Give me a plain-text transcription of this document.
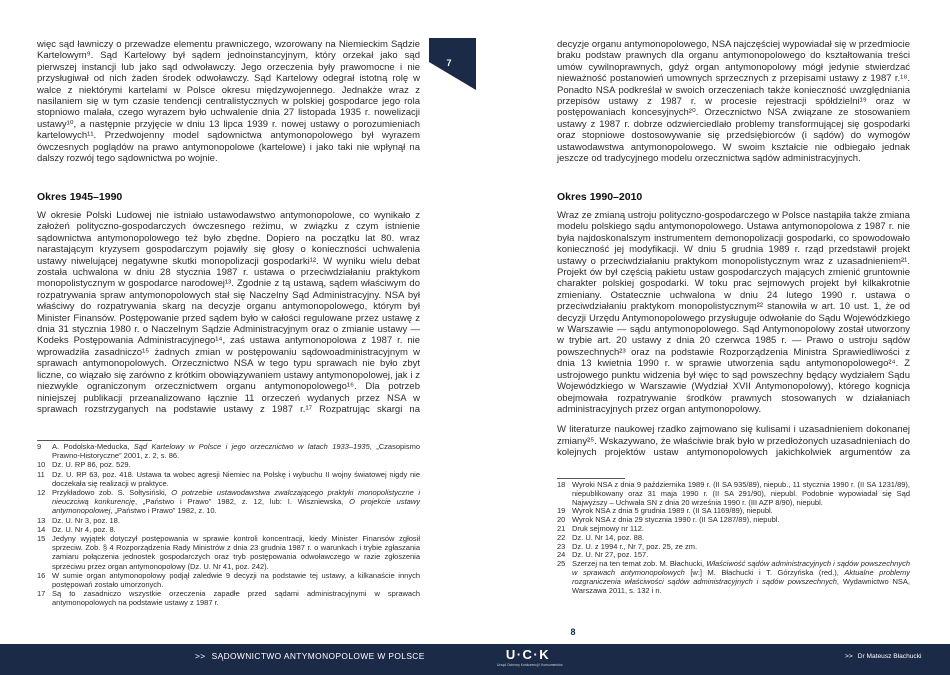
więc sąd ławniczy o przewadze elementu prawniczego, wzorowany na Niemieckim Sądzie Kartelowym⁹. Sąd Kartelowy był sądem jednoinstancyjnym, który orzekał jako sąd pierwszej instancji lub jako sąd odwoławczy. Jego orzeczenia były prawomocne i nie przysługiwał od nich żaden środek odwoławczy. Sąd Kartelowy odegrał istotną rolę w walce z niektórymi kartelami w Polsce okresu międzywojennego. Jednakże wraz z nasilaniem się w tym czasie tendencji centralistycznych w polskiej gospodarce jego rola stopniowo malała, czego wyrazem było uchwalenie dnia 27 listopada 1935 r. nowelizacji ustawy¹⁰, a następnie przyjęcie w dniu 13 lipca 1939 r. nowej ustawy o porozumieniach kartelowych¹¹. Przedwojenny model sądownictwa antymonopolowego był wyrazem ówczesnych poglądów na prawo antymonopolowe (kartelowe) i jako taki nie wpłynął na dalszy rozwój tego sądownictwa po wojnie.

Okres 1945–1990

W okresie Polski Ludowej nie istniało ustawodawstwo antymonopolowe, co wynikało z założeń polityczno-gospodarczych ówczesnego reżimu, w związku z czym istnienie sądownictwa antymonopolowego też było zbędne. Dopiero na początku lat 80. wraz narastającym kryzysem gospodarczym pojawiły się głosy o konieczności uchwalenia ustawy niwelującej negatywne skutki monopolizacji gospodarki¹². W wyniku wielu debat została uchwalona w dniu 28 stycznia 1987 r. ustawa o przeciwdziałaniu praktykom monopolistycznym w gospodarce narodowej¹³. Zgodnie z tą ustawą, sądem właściwym do rozpatrywania spraw antymonopolowych stał się Naczelny Sąd Administracyjny. NSA był właściwy do rozpatrywania skarg na decyzje organu antymonopolowego, którym był Minister Finansów. Postępowanie przed sądem było w całości regulowane przez ustawę z dnia 31 stycznia 1980 r. o Naczelnym Sądzie Administracyjnym oraz o zmianie ustawy — Kodeks Postępowania Administracyjnego¹⁴, zaś ustawa antymonopolowa z 1987 r. nie wprowadziła zasadniczo¹⁵ żadnych zmian w postępowaniu sądowoadministracyjnym w sprawach antymonopolowych. Orzecznictwo NSA w tego typu sprawach nie było zbyt liczne, co wiązało się zarówno z krótkim obowiązywaniem ustawy antymonopolowej, jak i z niezwykle ograniczonym orzecznictwem organu antymonopolowego¹⁶. Dla potrzeb niniejszej publikacji przeanalizowano łącznie 11 orzeczeń wydanych przez NSA w sprawach rozstrzyganych na podstawie ustawy z 1987 r.¹⁷ Rozpatrując skargi na

9	A. Podolska-Meducka, Sąd Kartelowy w Polsce i jego orzecznictwo w latach 1933–1935, „Czasopismo Prawno-Historyczne” 2001, z. 2, s. 86.
10 Dz. U. RP 86, poz. 529.
11 Dz. U. RP 63, poz. 418. Ustawa ta wobec agresji Niemiec na Polskę i wybuchu II wojny światowej nigdy nie doczekała się realizacji w praktyce.
12 Przykładowo zob. S. Sołtysiński, O potrzebie ustawodawstwa zwalczającego praktyki monopolistyczne i nieuczciwą konkurencję, „Państwo i Prawo” 1982, z. 12, lub: I. Wiszniewska, O projekcie ustawy antymonopolowej, „Państwo i Prawo” 1982, z. 10.
13 Dz. U. Nr 3, poz. 18.
14 Dz. U. Nr 4, poz. 8.
15 Jedyny wyjątek dotyczył postępowania w sprawie kontroli koncentracji, kiedy Minister Finansów zgłosił sprzeciw. Zob. § 4 Rozporządzenia Rady Ministrów z dnia 23 grudnia 1987 r. o warunkach i trybie zgłaszania zamiaru połączenia jednostek gospodarczych oraz tryb postępowania odwoławczego w razie zgłoszenia sprzeciwu przez organ antymonopolowy (Dz. U. Nr 41, poz. 242).
16 W sumie organ antymonopolowy podjął zaledwie 9 decyzji na podstawie tej ustawy, a kilkanaście innych postępowań zostało umorzonych.
17 Są to zasadniczo wszystkie orzeczenia zapadłe przed sądami administracyjnymi w sprawach antymonopolowych na podstawie ustawy z 1987 r.
7

decyzje organu antymonopolowego, NSA najczęściej wypowiadał się w przedmiocie braku podstaw prawnych dla organu antymonopolowego do kształtowania treści umów cywilnoprawnych, gdyż organ antymonopolowy mógł jedynie stwierdzać nieważność postanowień umownych sprzecznych z przepisami ustawy z 1987 r.¹⁸. Ponadto NSA podkreślał w swoich orzeczeniach także konieczność uwzględniania przepisów ustawy z 1987 r. w procesie rejestracji spółdzielni¹⁹ oraz w postępowaniach koncesyjnych²⁰. Orzecznictwo NSA związane ze stosowaniem ustawy z 1987 r. dobrze odzwierciedlało problemy transformującej się gospodarki oraz stopniowe dostosowywanie się przedsiębiorców (i sądów) do wymogów ustawodawstwa antymonopolowego. W swoim kształcie nie odbiegało jednak jeszcze od tradycyjnego modelu orzecznictwa sądów administracyjnych.

Okres 1990–2010

Wraz ze zmianą ustroju polityczno-gospodarczego w Polsce nastąpiła także zmiana modelu polskiego sądu antymonopolowego. Ustawa antymonopolowa z 1987 r. nie była najdoskonalszym instrumentem demonopolizacji gospodarki, co spowodowało konieczność jej modyfikacji. W dniu 5 grudnia 1989 r. rząd przedstawił projekt ustawy o przeciwdziałaniu praktykom monopolistycznym wraz z uzasadnieniem²¹. Projekt ów był częścią pakietu ustaw gospodarczych mających zmienić gruntownie charakter polskiej gospodarki. W toku prac sejmowych projekt był kilkakrotnie zmieniany. Ostatecznie uchwalona w dniu 24 lutego 1990 r. ustawa o przeciwdziałaniu praktykom monopolistycznym²² stanowiła w art. 10 ust. 1, że od decyzji Urzędu Antymonopolowego przysługuje odwołanie do Sądu Wojewódzkiego w Warszawie — sądu antymonopolowego. Sąd Antymonopolowy został utworzony w trybie art. 20 ustawy z dnia 20 czerwca 1985 r. — Prawo o ustroju sądów powszechnych²³ oraz na podstawie Rozporządzenia Ministra Sprawiedliwości z dnia 13 kwietnia 1990 r. w sprawie utworzenia sądu antymonopolowego²⁴. Z ustrojowego punktu widzenia był więc to sąd powszechny będący wydziałem Sądu Wojewódzkiego w Warszawie (Wydział XVII Antymonopolowy), którego kognicja obejmowała rozpatrywanie środków prawnych stosowanych w działaniach administracyjnych przez organ antymonopolowy.

W literaturze naukowej rzadko zajmowano się kulisami i uzasadnieniem dokonanej zmiany²⁵. Wskazywano, że właściwie brak było w przedłożonych uzasadnieniach do kolejnych projektów ustaw antymonopolowych jakichkolwiek argumentów za

18 Wyroki NSA z dnia 9 października 1989 r. (II SA 935/89), niepub., 11 stycznia 1990 r. (II SA 1231/89), niepublikowany oraz 31 maja 1990 r. (II SA 291/90), niepubl. Podobnie wypowiadał się Sąd Najwyższy – Uchwała SN z dnia 20 września 1990 r. (III AZP 8/90), niepubl.
19 Wyrok NSA z dnia 5 grudnia 1989 r. (II SA 1169/89), niepubl.
20 Wyrok NSA z dnia 29 stycznia 1990 r. (II SA 1287/89), niepubl.
21 Druk sejmowy nr 112.
22 Dz. U. Nr 14, poz. 88.
23 Dz. U. z 1994 r., Nr 7, poz. 25, ze zm.
24 Dz. U. Nr 27, poz. 157.
25 Szerzej na ten temat zob. M. Błachucki, Właściwość sądów administracyjnych i sądów powszechnych w sprawach antymonopolowych [w:] M. Błachucki i T. Górzyńska (red.), Aktualne problemy rozgraniczenia właściwości sądów administracyjnych i sądów powszechnych, Wydawnictwo NSA, Warszawa 2011, s. 132 i n.
8
>> SĄDOWNICTWO ANTYMONOPOLOWE W POLSCE	U·C·K
Urząd Ochrony Konkurencji i Konsumentów
>> Dr Mateusz Błachucki
